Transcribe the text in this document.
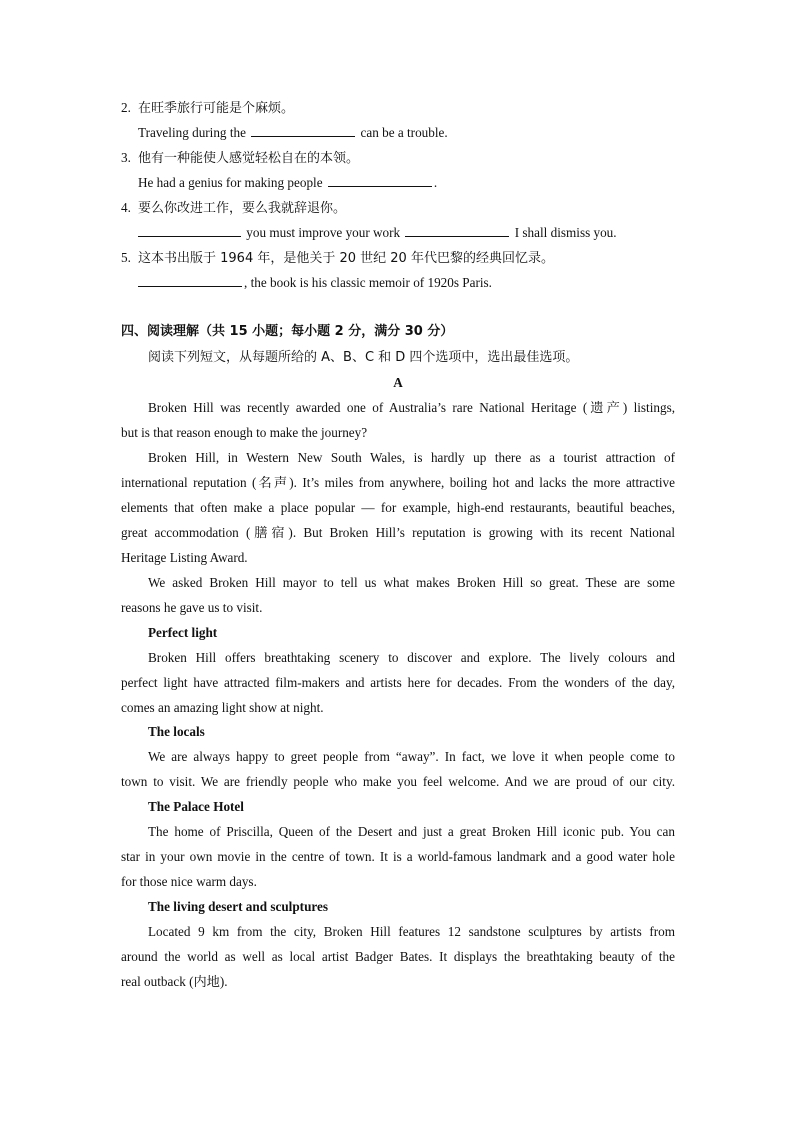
2. 在旺季旅行可能是个麻烦。
Traveling during the	can be a trouble.
3. 他有一种能使人感觉轻松自在的本领。
He had a genius for making people	.
4. 要么你改进工作，要么我就辞退你。
you must improve your work	I shall dismiss you.
5. 这本书出版于 1964 年，是他关于 20 世纪 20 年代巴黎的经典回忆录。
, the book is his classic memoir of 1920s Paris.
四、阅读理解（共 15 小题；每小题 2 分，满分 30 分）
阅读下列短文，从每题所给的 A、B、C 和 D 四个选项中，选出最佳选项。
A
Broken Hill was recently awarded one of Australia’s rare National Heritage (遗产) listings,
but is that reason enough to make the journey?
Broken Hill, in Western New South Wales, is hardly up there as a tourist attraction of
international reputation (名声). It’s miles from anywhere, boiling hot and lacks the more attractive
elements that often make a place popular — for example, high-end restaurants, beautiful beaches,
great accommodation (膳宿). But Broken Hill’s reputation is growing with its recent National
Heritage Listing Award.
We asked Broken Hill mayor to tell us what makes Broken Hill so great. These are some
reasons he gave us to visit.
Perfect light
Broken Hill offers breathtaking scenery to discover and explore. The lively colours and
perfect light have attracted film-makers and artists here for decades. From the wonders of the day,
comes an amazing light show at night.
The locals
We are always happy to greet people from “away”. In fact, we love it when people come to
town to visit. We are friendly people who make you feel welcome. And we are proud of our city.
The Palace Hotel
The home of Priscilla, Queen of the Desert and just a great Broken Hill iconic pub. You can
star in your own movie in the centre of town. It is a world-famous landmark and a good water hole
for those nice warm days.
The living desert and sculptures
Located 9 km from the city, Broken Hill features 12 sandstone sculptures by artists from
around the world as well as local artist Badger Bates. It displays the breathtaking beauty of the
real outback (内地).
